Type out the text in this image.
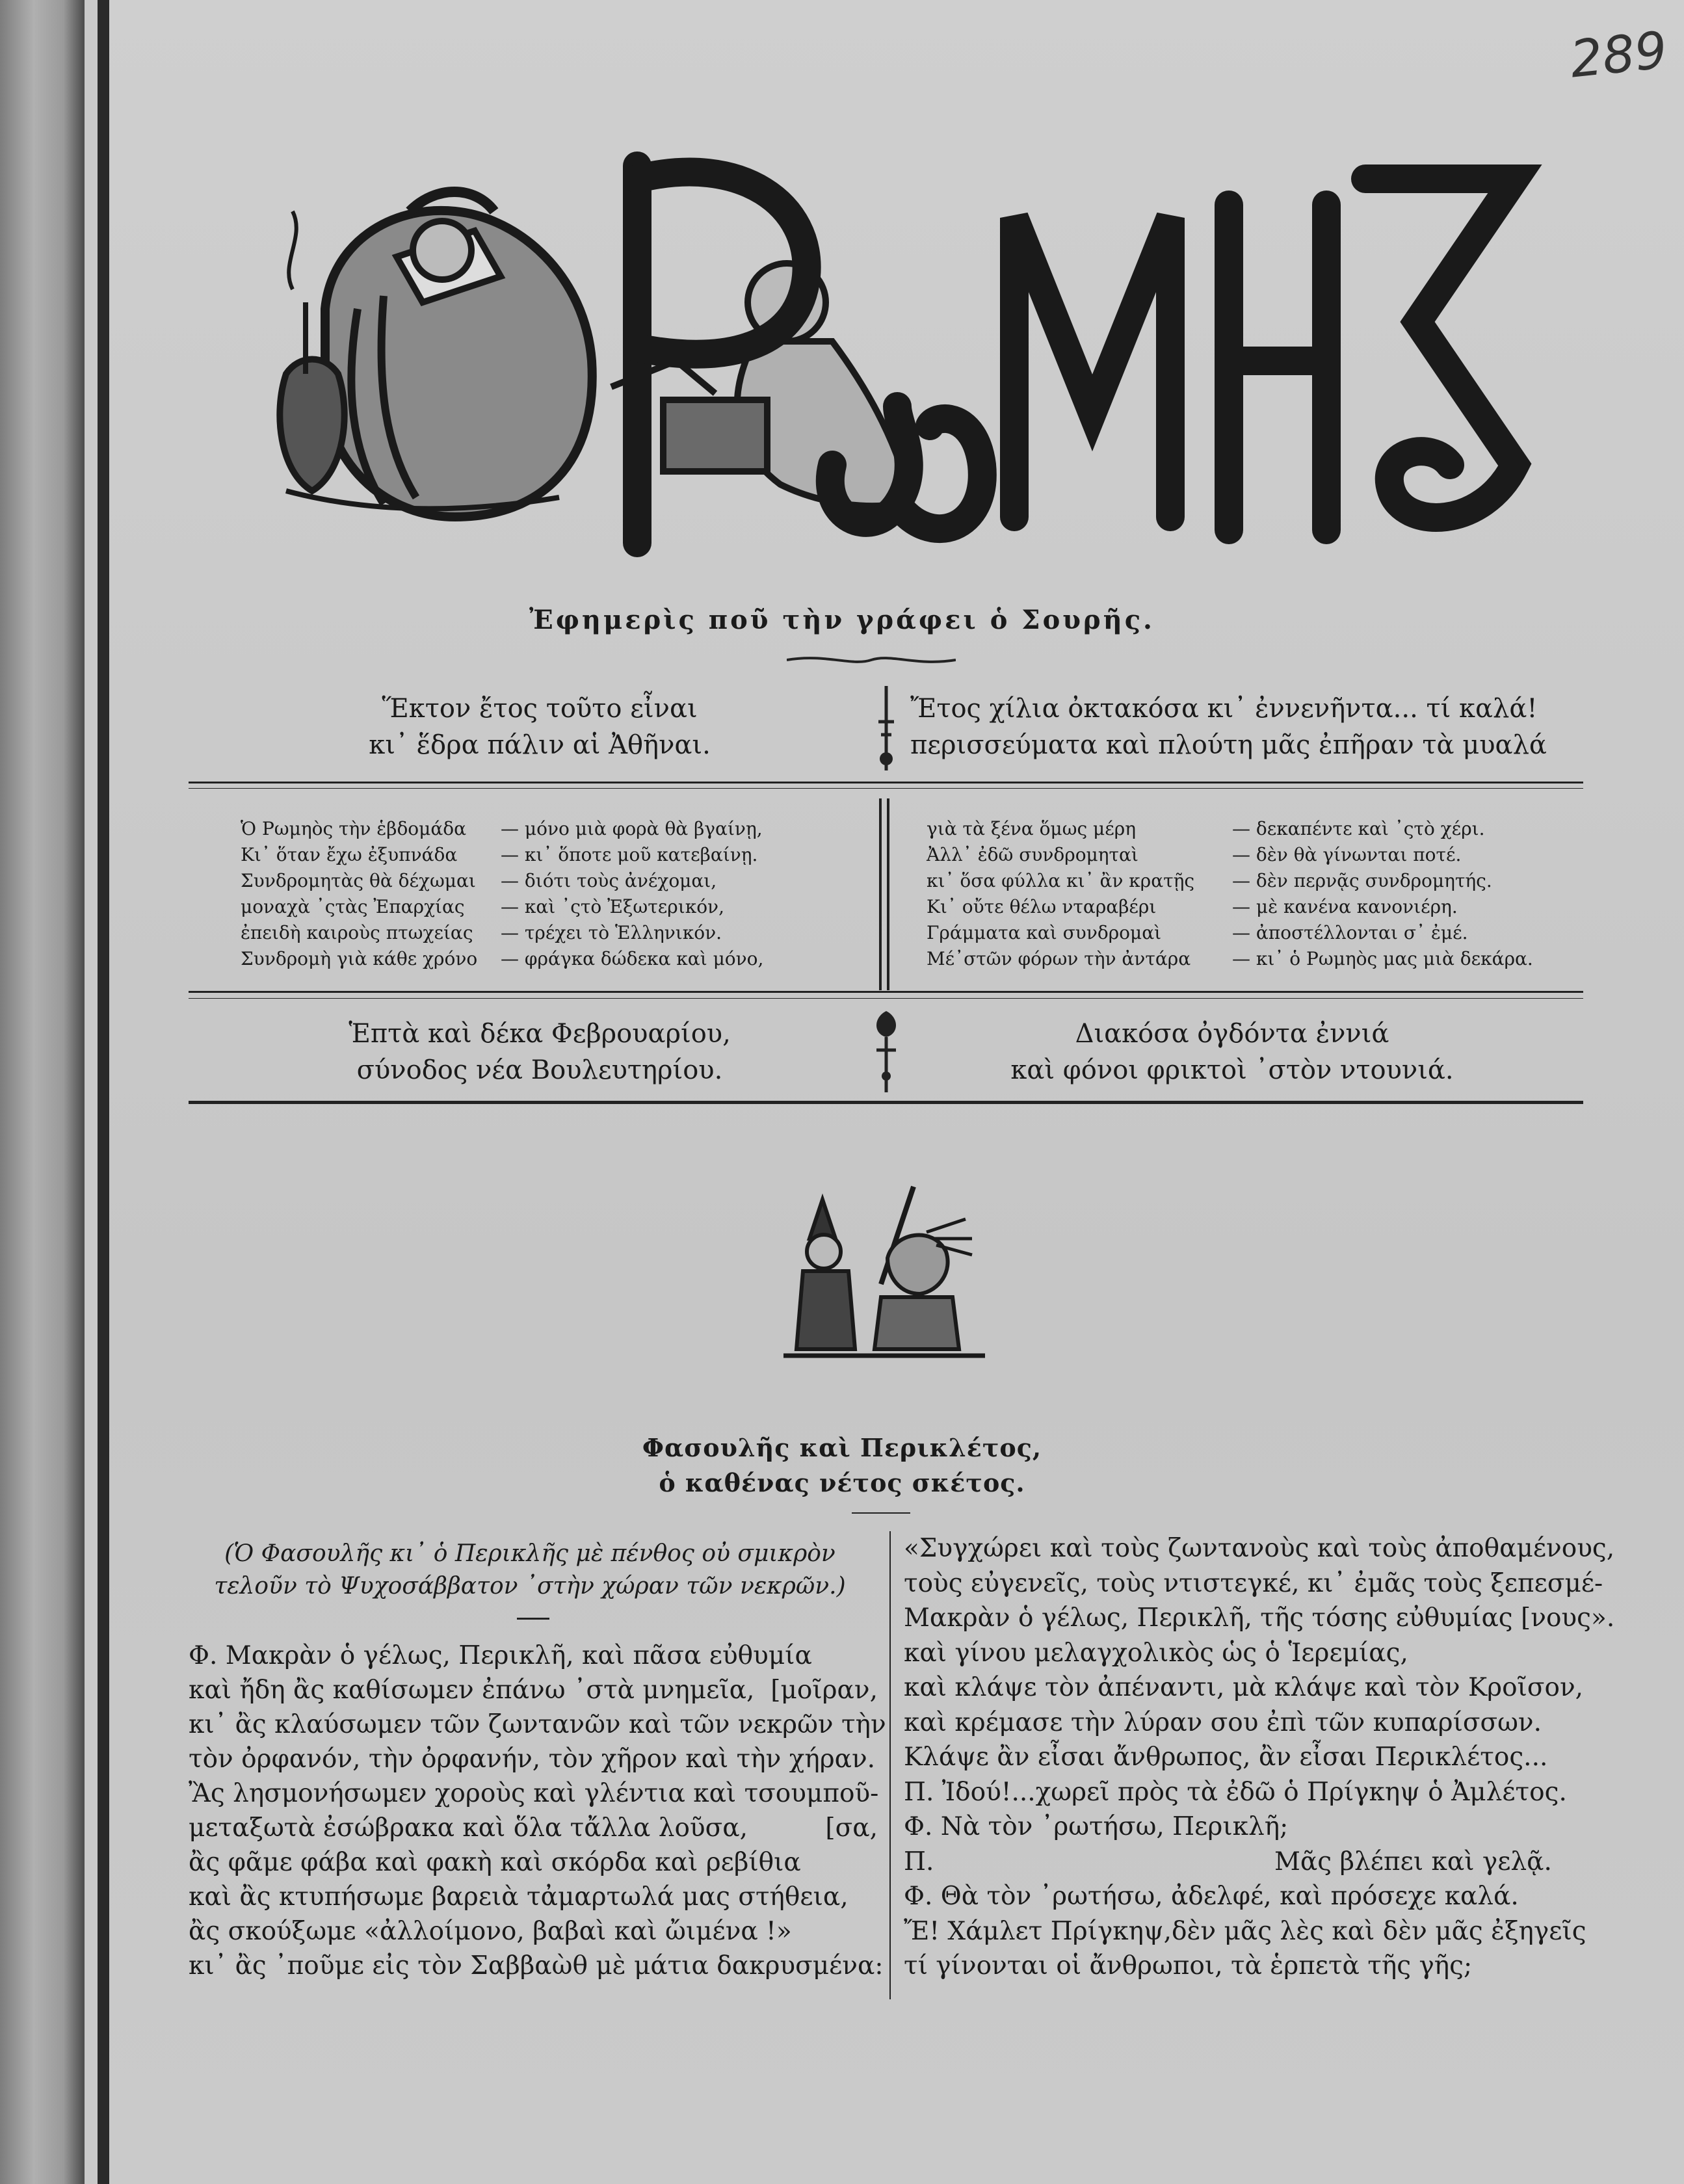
289
Ἐφημερὶς ποῦ τὴν γράφει ὁ Σουρῆς.
Ἕκτον ἔτος τοῦτο εἶναι
κι᾽ ἕδρα πάλιν αἱ Ἀθῆναι.
Ἔτος χίλια ὀκτακόσα κι᾽ ἐννενῆντα... τί καλά!
περισσεύματα καὶ πλούτη μᾶς ἐπῆραν τὰ μυαλά
Ὁ Ρωμηὸς τὴν ἑβδομάδα	— μόνο μιὰ φορὰ θὰ βγαίνῃ,
Κι᾽ ὅταν ἔχω ἐξυπνάδα	— κι᾽ ὅποτε μοῦ κατεβαίνῃ.
Συνδρομητὰς θὰ δέχωμαι	— διότι τοὺς ἀνέχομαι,
μοναχὰ ᾽ςτὰς Ἐπαρχίας	— καὶ ᾽ςτὸ Ἐξωτερικόν,
ἐπειδὴ καιροὺς πτωχείας	— τρέχει τὸ Ἑλληνικόν.
Συνδρομὴ γιὰ κάθε χρόνο	— φράγκα δώδεκα καὶ μόνο,
γιὰ τὰ ξένα ὅμως μέρη	— δεκαπέντε καὶ ᾽ςτὸ χέρι.
Ἀλλ᾽ ἐδῶ συνδρομηταὶ	— δὲν θὰ γίνωνται ποτέ.
κι᾽ ὅσα φύλλα κι᾽ ἂν κρατῇς	— δὲν περνᾷς συνδρομητής.
Κι᾽ οὔτε θέλω νταραβέρι	— μὲ κανένα κανονιέρη.
Γράμματα καὶ συνδρομαὶ	— ἀποστέλλονται σ᾽ ἐμέ.
Μέ᾽στῶν φόρων τὴν ἀντάρα	— κι᾽ ὁ Ρωμηὸς μας μιὰ δεκάρα.
Ἑπτὰ καὶ δέκα Φεβρουαρίου,
σύνοδος νέα Βουλευτηρίου.
Διακόσα ὀγδόντα ἐννιά
καὶ φόνοι φρικτοὶ ᾽στὸν ντουνιά.
Φασουλῆς καὶ Περικλέτος,
ὁ καθένας νέτος σκέτος.
(Ὁ Φασουλῆς κι᾽ ὁ Περικλῆς μὲ πένθος οὐ σμικρὸν
τελοῦν τὸ Ψυχοσάββατον ᾽στὴν χώραν τῶν νεκρῶν.)
Φ. Μακρὰν ὁ γέλως, Περικλῆ, καὶ πᾶσα εὐθυμία
καὶ ἤδη ἂς καθίσωμεν ἐπάνω ᾽στὰ μνημεῖα, [μοῖραν,
κι᾽ ἂς κλαύσωμεν τῶν ζωντανῶν καὶ τῶν νεκρῶν τὴν
τὸν ὀρφανόν, τὴν ὀρφανήν, τὸν χῆρον καὶ τὴν χήραν.
Ἂς λησμονήσωμεν χοροὺς καὶ γλέντια καὶ τσουμποῦ-
μεταξωτὰ ἐσώβρακα καὶ ὅλα τἄλλα λοῦσα,	[σα,
ἂς φᾶμε φάβα καὶ φακὴ καὶ σκόρδα καὶ ρεβίθια
καὶ ἂς κτυπήσωμε βαρειὰ τἀμαρτωλά μας στήθεια,
ἂς σκούξωμε «ἀλλοίμονο, βαβαὶ καὶ ὤιμένα !»
κι᾽ ἂς ᾽ποῦμε εἰς τὸν Σαββαὼθ μὲ μάτια δακρυσμένα:
«Συγχώρει καὶ τοὺς ζωντανοὺς καὶ τοὺς ἀποθαμένους,
τοὺς εὐγενεῖς, τοὺς ντιστεγκέ, κι᾽ ἐμᾶς τοὺς ξεπεσμέ-
Μακρὰν ὁ γέλως, Περικλῆ, τῆς τόσης εὐθυμίας [νους».
καὶ γίνου μελαγχολικὸς ὡς ὁ Ἱερεμίας,
καὶ κλάψε τὸν ἀπέναντι, μὰ κλάψε καὶ τὸν Κροῖσον,
καὶ κρέμασε τὴν λύραν σου ἐπὶ τῶν κυπαρίσσων.
Κλάψε ἂν εἶσαι ἄνθρωπος, ἂν εἶσαι Περικλέτος...
Π. Ἰδού!...χωρεῖ πρὸς τὰ ἐδῶ ὁ Πρίγκηψ ὁ Ἀμλέτος.
Φ. Νὰ τὸν ᾽ρωτήσω, Περικλῆ;
Π.	Μᾶς βλέπει καὶ γελᾷ.
Φ. Θὰ τὸν ᾽ρωτήσω, ἀδελφέ, καὶ πρόσεχε καλά.
Ἔ! Χάμλετ Πρίγκηψ,δὲν μᾶς λὲς καὶ δὲν μᾶς ἐξηγεῖς
τί γίνονται οἱ ἄνθρωποι, τὰ ἑρπετὰ τῆς γῆς;
